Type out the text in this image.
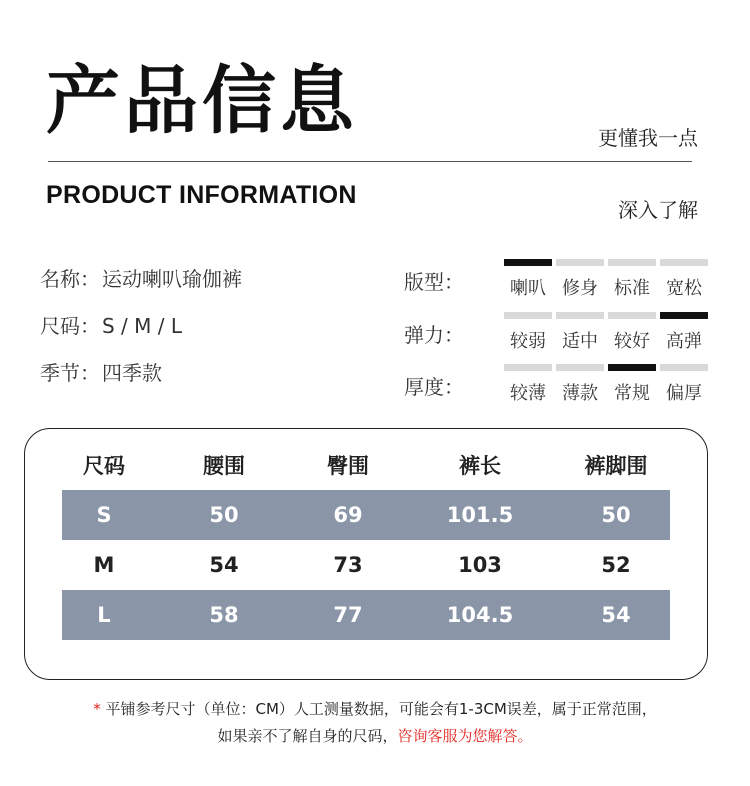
产品信息	更懂我一点
PRODUCT INFORMATION
深入了解
名称： 运动喇叭瑜伽裤
尺码： S / M / L
季节： 四季款
版型：	喇叭 修身 标准 宽松
弹力：	较弱 适中 较好 高弹
厚度：	较薄 薄款 常规 偏厚
尺码	腰围	臀围	裤长	裤脚围
S	50	69	101.5	50
M	54	73	103	52
L	58	77	104.5	54
* 平铺参考尺寸（单位：CM）人工测量数据，可能会有1-3CM误差，属于正常范围，
如果亲不了解自身的尺码，咨询客服为您解答。
